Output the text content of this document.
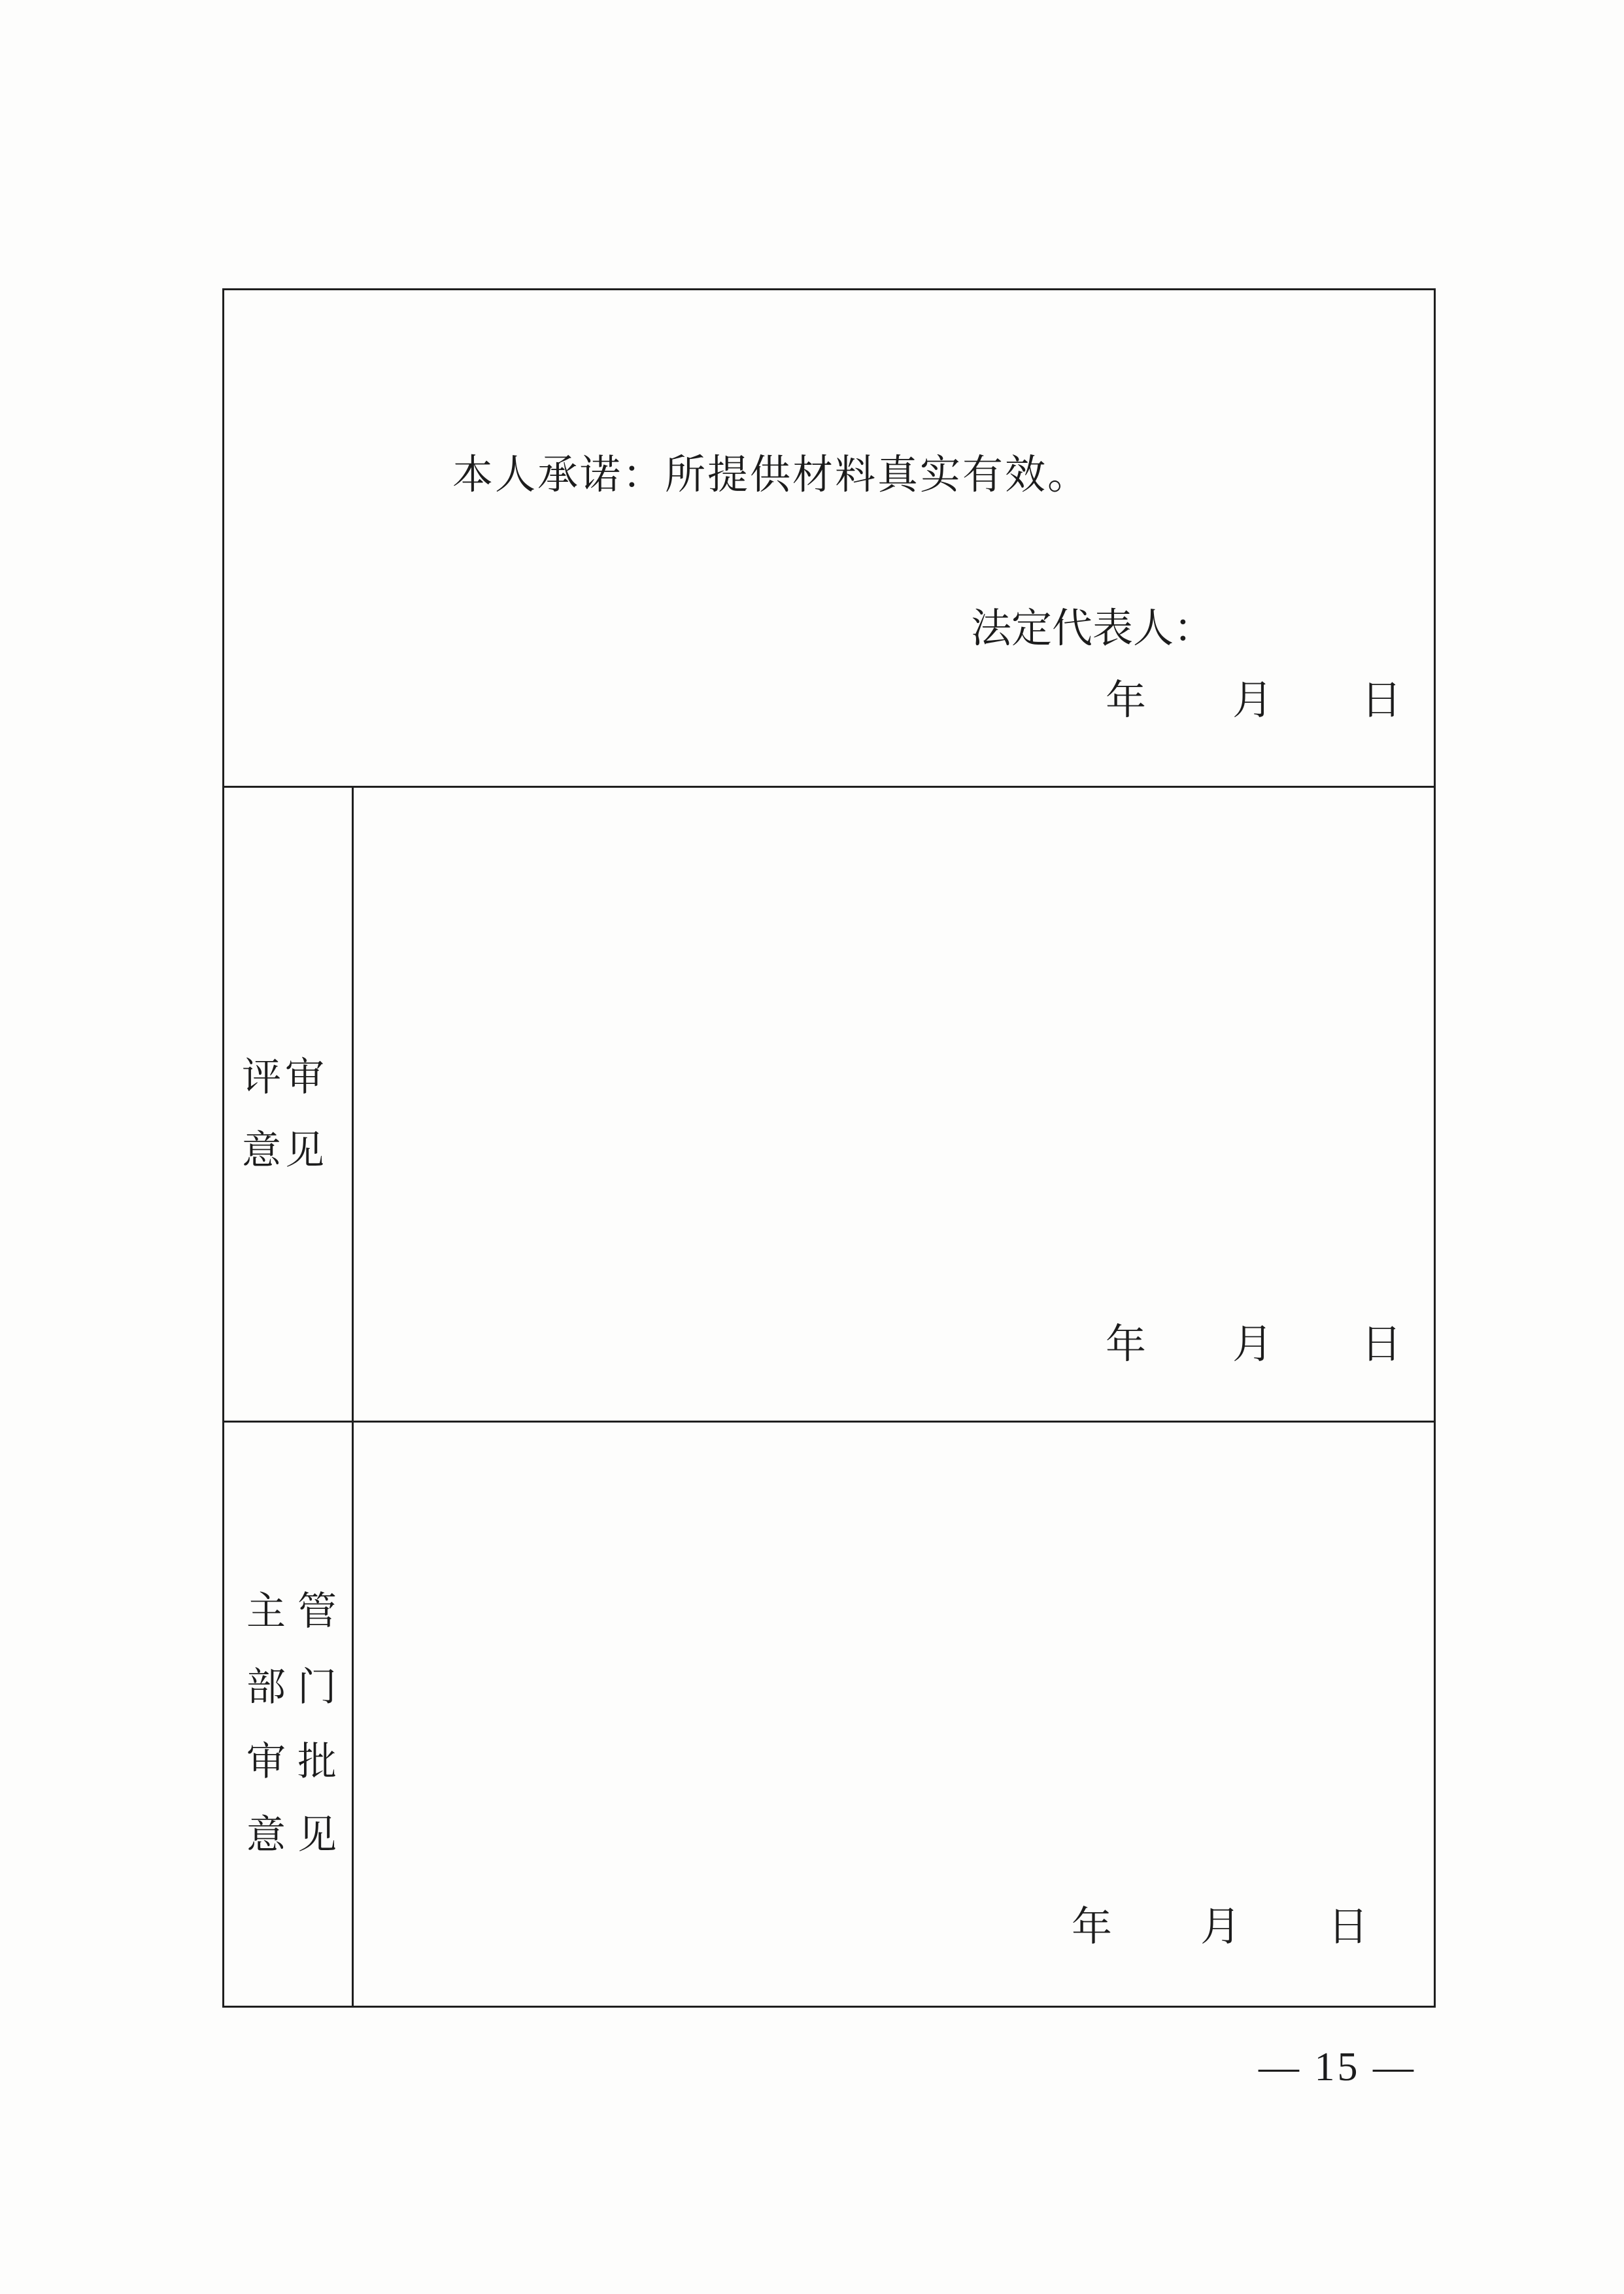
本人承诺：所提供材料真实有效。
法定代表人：
年 月 日
评审
意见
年 月 日
主管
部门
审批
意见
年 月 日
— 15 —
